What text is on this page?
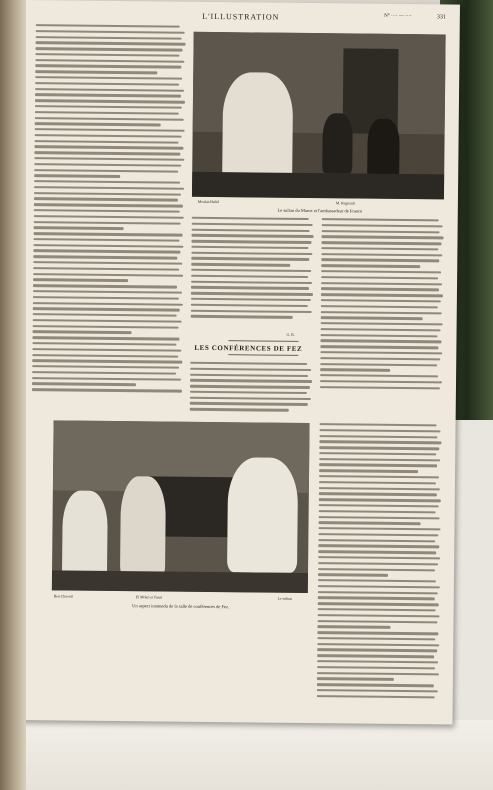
L'ILLUSTRATION	N° ···· — ····	331
Moulaï-Hafid	M. Regnault
Le sultan du Maroc et l'ambassadeur de France
G. B.
LES CONFÉRENCES DE FEZ
Ben Chaouti	El Mokri et Fassi	Le sultan
Un aspect inattendu de la salle de conférences de Fez.
